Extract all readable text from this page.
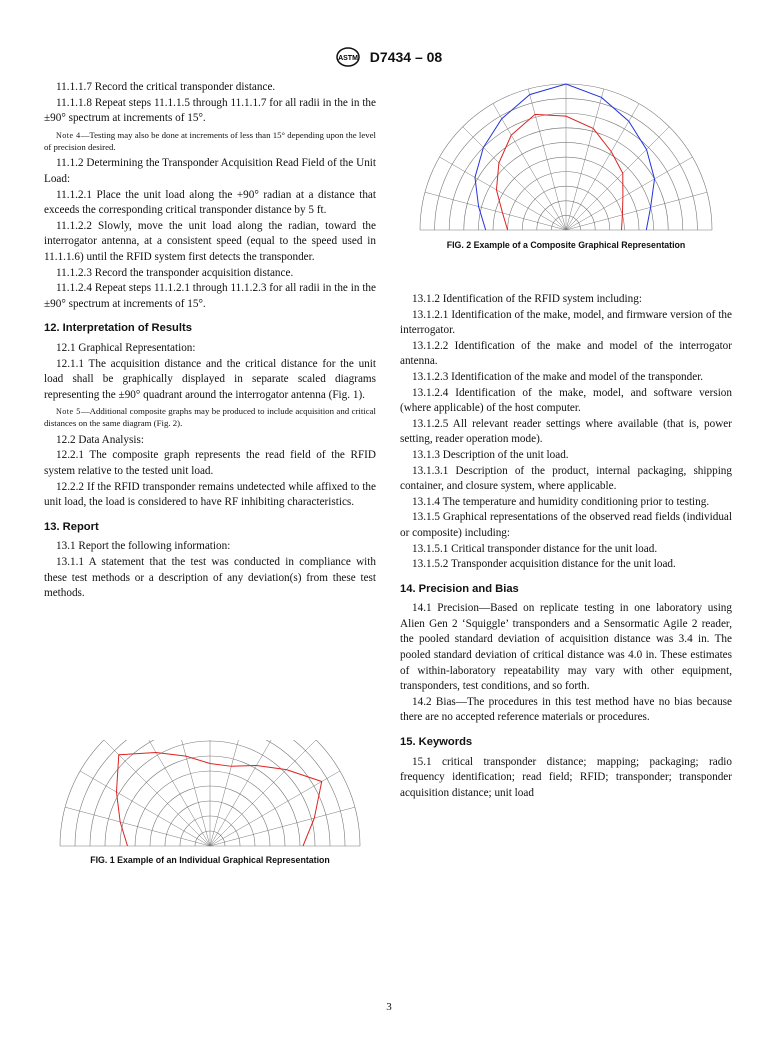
ASTM D7434 – 08

11.1.1.7 Record the critical transponder distance.

11.1.1.8 Repeat steps 11.1.1.5 through 11.1.1.7 for all radii in the in the ±90° spectrum at increments of 15°.

Note 4—Testing may also be done at increments of less than 15° depending upon the level of precision desired.

11.1.2 Determining the Transponder Acquisition Read Field of the Unit Load:

11.1.2.1 Place the unit load along the +90° radian at a distance that exceeds the corresponding critical transponder distance by 5 ft.

11.1.2.2 Slowly, move the unit load along the radian, toward the interrogator antenna, at a consistent speed (equal to the speed used in 11.1.1.6) until the RFID system first detects the transponder.

11.1.2.3 Record the transponder acquisition distance.

11.1.2.4 Repeat steps 11.1.2.1 through 11.1.2.3 for all radii in the in the ±90° spectrum at increments of 15°.

12. Interpretation of Results

12.1 Graphical Representation:

12.1.1 The acquisition distance and the critical distance for the unit load shall be graphically displayed in separate scaled diagrams representing the ±90° quadrant around the interrogator antenna (Fig. 1).

Note 5—Additional composite graphs may be produced to include acquisition and critical distances on the same diagram (Fig. 2).

12.2 Data Analysis:

12.2.1 The composite graph represents the read field of the RFID system relative to the tested unit load.

12.2.2 If the RFID transponder remains undetected while affixed to the unit load, the load is considered to have RF inhibiting characteristics.

13. Report

13.1 Report the following information:

13.1.1 A statement that the test was conducted in compliance with these test methods or a description of any deviation(s) from these test methods.

13.1.2 Identification of the RFID system including:

13.1.2.1 Identification of the make, model, and firmware version of the interrogator.

13.1.2.2 Identification of the make and model of the interrogator antenna.

13.1.2.3 Identification of the make and model of the transponder.

13.1.2.4 Identification of the make, model, and software version (where applicable) of the host computer.

13.1.2.5 All relevant reader settings where available (that is, power setting, reader operation mode).

13.1.3 Description of the unit load.

13.1.3.1 Description of the product, internal packaging, shipping container, and closure system, where applicable.

13.1.4 The temperature and humidity conditioning prior to testing.

13.1.5 Graphical representations of the observed read fields (individual or composite) including:

13.1.5.1 Critical transponder distance for the unit load.

13.1.5.2 Transponder acquisition distance for the unit load.

14. Precision and Bias

14.1 Precision—Based on replicate testing in one laboratory using Alien Gen 2 ‘Squiggle’ transponders and a Sensormatic Agile 2 reader, the pooled standard deviation of acquisition distance was 3.4 in. The pooled standard deviation of critical distance was 4.0 in. These estimates of within-laboratory repeatability may vary with other equipment, transponders, test conditions, and so forth.

14.2 Bias—The procedures in this test method have no bias because there are no accepted reference materials or procedures.

15. Keywords

15.1 critical transponder distance; mapping; packaging; radio frequency identification; read field; RFID; transponder; transponder acquisition distance; unit load

FIG. 1 Example of an Individual Graphical Representation
FIG. 2 Example of a Composite Graphical Representation
3
